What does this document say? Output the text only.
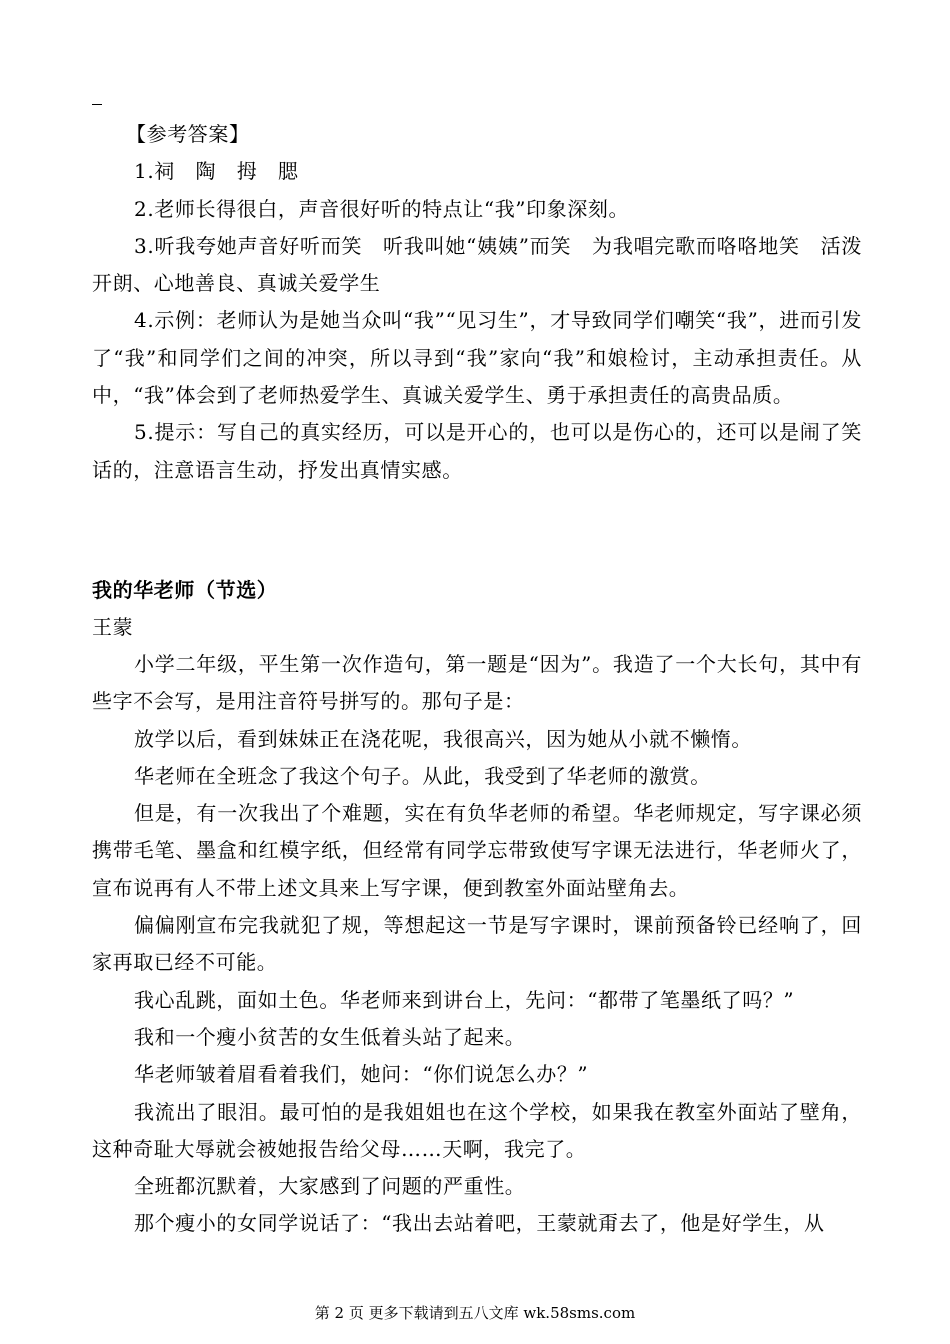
【参考答案】

1.祠　陶　拇　腮

2.老师长得很白，声音很好听的特点让“我”印象深刻。

3.听我夸她声音好听而笑　听我叫她“姨姨”而笑　为我唱完歌而咯咯地笑　活泼开朗、心地善良、真诚关爱学生

4.示例：老师认为是她当众叫“我”“见习生”，才导致同学们嘲笑“我”，进而引发了“我”和同学们之间的冲突，所以寻到“我”家向“我”和娘检讨，主动承担责任。从中，“我”体会到了老师热爱学生、真诚关爱学生、勇于承担责任的高贵品质。

5.提示：写自己的真实经历，可以是开心的，也可以是伤心的，还可以是闹了笑话的，注意语言生动，抒发出真情实感。

我的华老师（节选）

王蒙

小学二年级，平生第一次作造句，第一题是“因为”。我造了一个大长句，其中有些字不会写，是用注音符号拼写的。那句子是：

放学以后，看到妹妹正在浇花呢，我很高兴，因为她从小就不懒惰。

华老师在全班念了我这个句子。从此，我受到了华老师的激赏。

但是，有一次我出了个难题，实在有负华老师的希望。华老师规定，写字课必须携带毛笔、墨盒和红模字纸，但经常有同学忘带致使写字课无法进行，华老师火了，宣布说再有人不带上述文具来上写字课，便到教室外面站壁角去。

偏偏刚宣布完我就犯了规，等想起这一节是写字课时，课前预备铃已经响了，回家再取已经不可能。

我心乱跳，面如土色。华老师来到讲台上，先问：“都带了笔墨纸了吗？”

我和一个瘦小贫苦的女生低着头站了起来。

华老师皱着眉看着我们，她问：“你们说怎么办？”

我流出了眼泪。最可怕的是我姐姐也在这个学校，如果我在教室外面站了壁角，这种奇耻大辱就会被她报告给父母……天啊，我完了。

全班都沉默着，大家感到了问题的严重性。

那个瘦小的女同学说话了：“我出去站着吧，王蒙就甭去了，他是好学生，从

第 2 页 更多下载请到五八文库 wk.58sms.com
